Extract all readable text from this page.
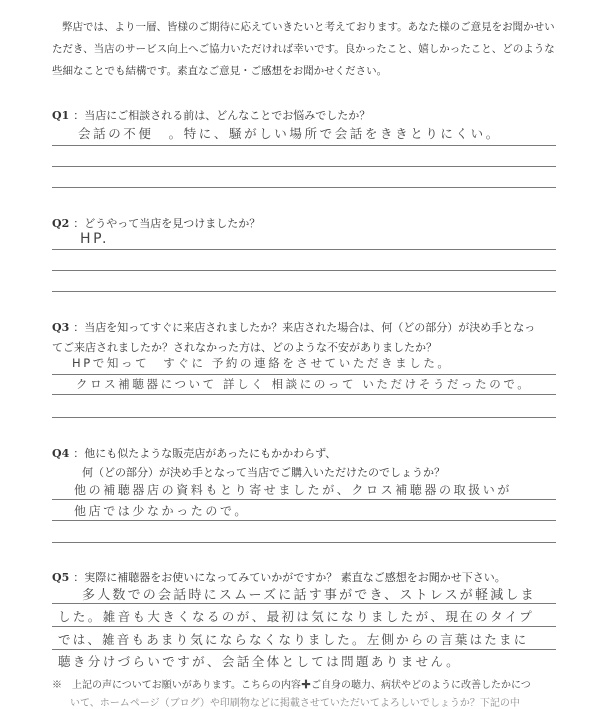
弊店では、より一層、皆様のご期待に応えていきたいと考えております。あなた様のご意見をお聞かせい

ただき、当店のサービス向上へご協力いただければ幸いです。良かったこと、嬉しかったこと、どのような

些細なことでも結構です。素直なご意見・ご感想をお聞かせください。

Q1 ：当店にご相談される前は、どんなことでお悩みでしたか？
会話の不便　。特に、騒がしい場所で会話をききとりにくい。
Q2 ：どうやって当店を見つけましたか？
HP.
Q3 ：当店を知ってすぐに来店されましたか？来店された場合は、何（どの部分）が決め手となっ
てご来店されましたか？されなかった方は、どのような不安がありましたか？
HPで知って　すぐに 予約の連絡をさせていただきました。
クロス補聴器について 詳しく 相談にのって いただけそうだったので。
Q4 ：他にも似たような販売店があったにもかかわらず、
何（どの部分）が決め手となって当店でご購入いただけたのでしょうか？
他の補聴器店の資料もとり寄せましたが、クロス補聴器の取扱いが
他店では少なかったので。
Q5 ：実際に補聴器をお使いになってみていかがですか？ 素直なご感想をお聞かせ下さい。
多人数での会話時にスムーズに話す事ができ、ストレスが軽減しま
した。雑音も大きくなるのが、最初は気になりましたが、現在のタイプ
では、雑音もあまり気にならなくなりました。左側からの言葉はたまに
聴き分けづらいですが、会話全体としては問題ありません。
※　上記の声についてお願いがあります。こちらの内容✚ご自身の聴力、病状やどのように改善したかにつ
いて、ホームページ（ブログ）や印刷物などに掲載させていただいてよろしいでしょうか？下記の中
